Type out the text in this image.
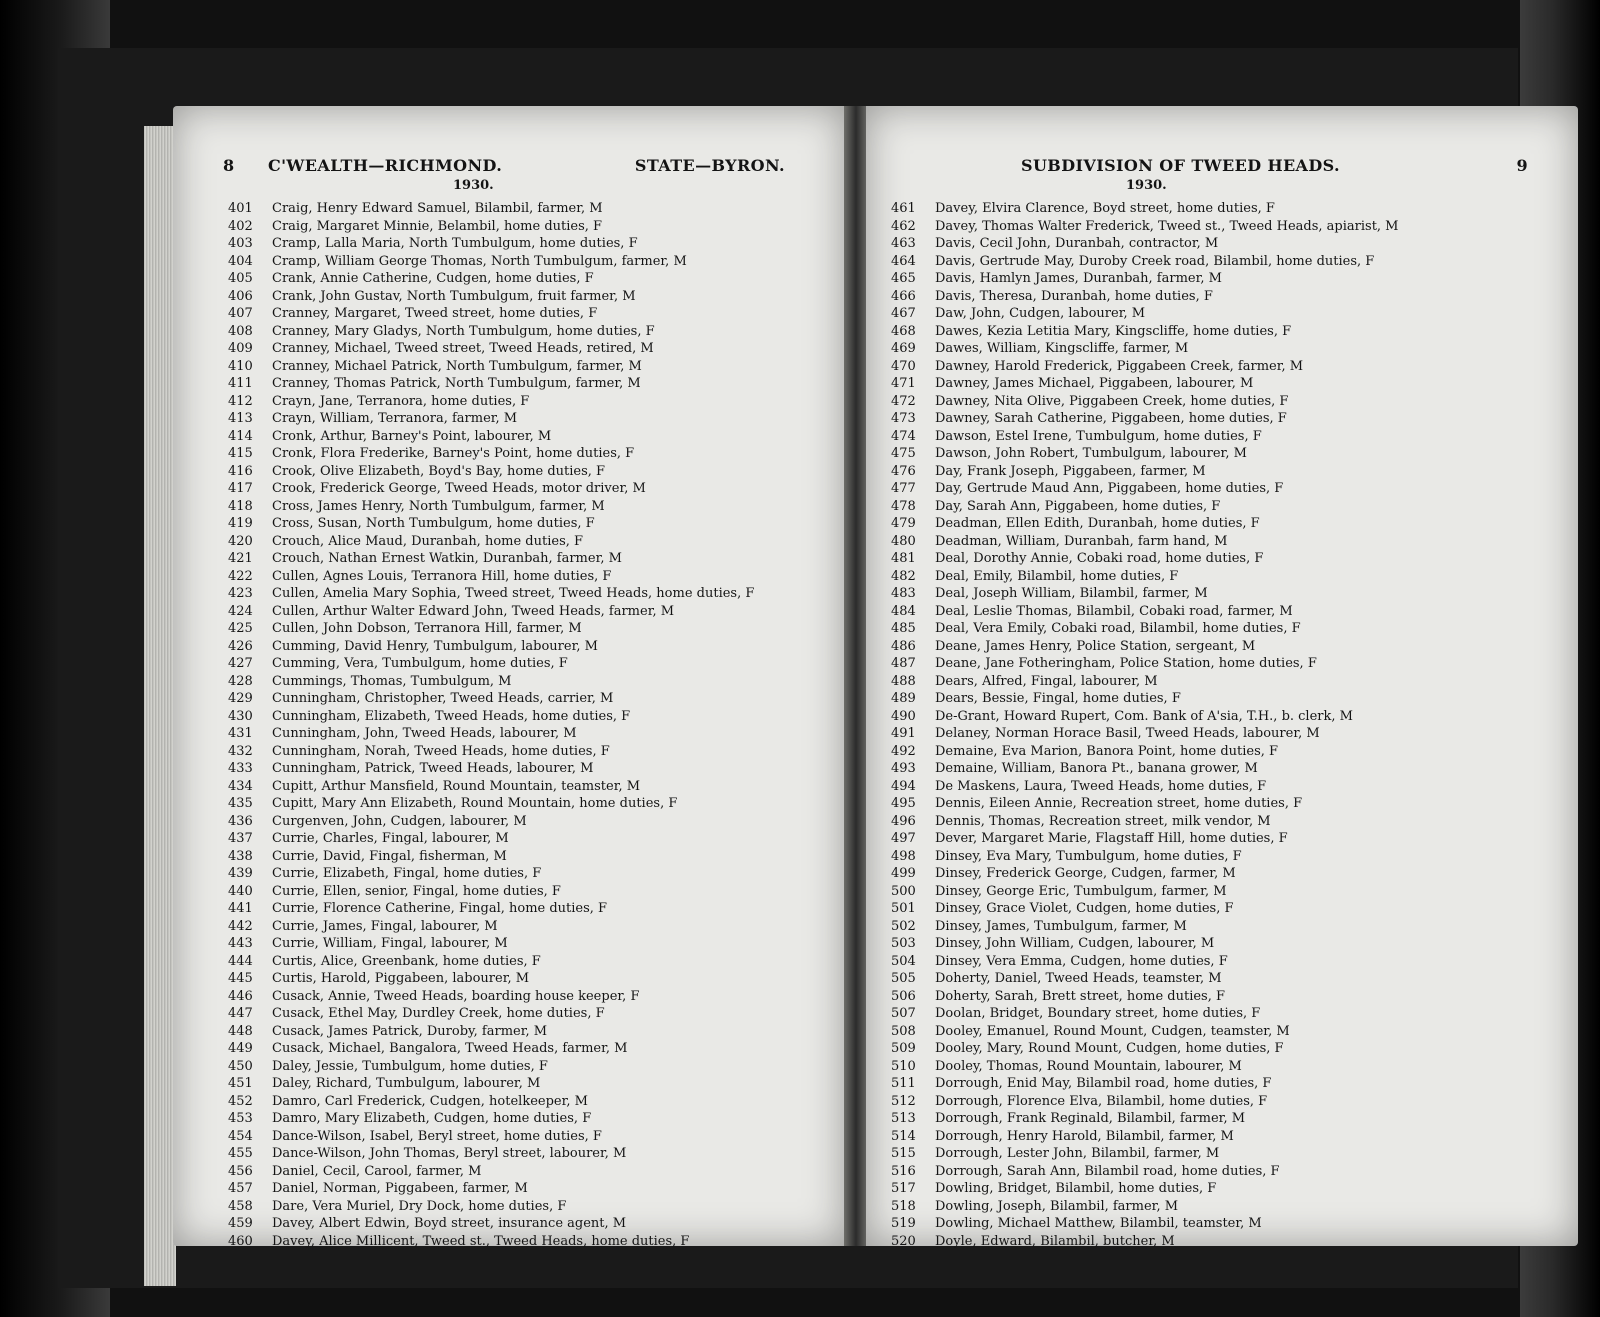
8 C'WEALTH—RICHMOND.	STATE—BYRON.
1930.
401 Craig, Henry Edward Samuel, Bilambil, farmer, M
402 Craig, Margaret Minnie, Belambil, home duties, F
403 Cramp, Lalla Maria, North Tumbulgum, home duties, F
404 Cramp, William George Thomas, North Tumbulgum, farmer, M
405 Crank, Annie Catherine, Cudgen, home duties, F
406 Crank, John Gustav, North Tumbulgum, fruit farmer, M
407 Cranney, Margaret, Tweed street, home duties, F
408 Cranney, Mary Gladys, North Tumbulgum, home duties, F
409 Cranney, Michael, Tweed street, Tweed Heads, retired, M
410 Cranney, Michael Patrick, North Tumbulgum, farmer, M
411 Cranney, Thomas Patrick, North Tumbulgum, farmer, M
412 Crayn, Jane, Terranora, home duties, F
413 Crayn, William, Terranora, farmer, M
414 Cronk, Arthur, Barney's Point, labourer, M
415 Cronk, Flora Frederike, Barney's Point, home duties, F
416 Crook, Olive Elizabeth, Boyd's Bay, home duties, F
417 Crook, Frederick George, Tweed Heads, motor driver, M
418 Cross, James Henry, North Tumbulgum, farmer, M
419 Cross, Susan, North Tumbulgum, home duties, F
420 Crouch, Alice Maud, Duranbah, home duties, F
421 Crouch, Nathan Ernest Watkin, Duranbah, farmer, M
422 Cullen, Agnes Louis, Terranora Hill, home duties, F
423 Cullen, Amelia Mary Sophia, Tweed street, Tweed Heads, home duties, F
424 Cullen, Arthur Walter Edward John, Tweed Heads, farmer, M
425 Cullen, John Dobson, Terranora Hill, farmer, M
426 Cumming, David Henry, Tumbulgum, labourer, M
427 Cumming, Vera, Tumbulgum, home duties, F
428 Cummings, Thomas, Tumbulgum, M
429 Cunningham, Christopher, Tweed Heads, carrier, M
430 Cunningham, Elizabeth, Tweed Heads, home duties, F
431 Cunningham, John, Tweed Heads, labourer, M
432 Cunningham, Norah, Tweed Heads, home duties, F
433 Cunningham, Patrick, Tweed Heads, labourer, M
434 Cupitt, Arthur Mansfield, Round Mountain, teamster, M
435 Cupitt, Mary Ann Elizabeth, Round Mountain, home duties, F
436 Curgenven, John, Cudgen, labourer, M
437 Currie, Charles, Fingal, labourer, M
438 Currie, David, Fingal, fisherman, M
439 Currie, Elizabeth, Fingal, home duties, F
440 Currie, Ellen, senior, Fingal, home duties, F
441 Currie, Florence Catherine, Fingal, home duties, F
442 Currie, James, Fingal, labourer, M
443 Currie, William, Fingal, labourer, M
444 Curtis, Alice, Greenbank, home duties, F
445 Curtis, Harold, Piggabeen, labourer, M
446 Cusack, Annie, Tweed Heads, boarding house keeper, F
447 Cusack, Ethel May, Durdley Creek, home duties, F
448 Cusack, James Patrick, Duroby, farmer, M
449 Cusack, Michael, Bangalora, Tweed Heads, farmer, M
450 Daley, Jessie, Tumbulgum, home duties, F
451 Daley, Richard, Tumbulgum, labourer, M
452 Damro, Carl Frederick, Cudgen, hotelkeeper, M
453 Damro, Mary Elizabeth, Cudgen, home duties, F
454 Dance-Wilson, Isabel, Beryl street, home duties, F
455 Dance-Wilson, John Thomas, Beryl street, labourer, M
456 Daniel, Cecil, Carool, farmer, M
457 Daniel, Norman, Piggabeen, farmer, M
458 Dare, Vera Muriel, Dry Dock, home duties, F
459 Davey, Albert Edwin, Boyd street, insurance agent, M
460 Davey, Alice Millicent, Tweed st., Tweed Heads, home duties, F
SUBDIVISION OF TWEED HEADS.	9
1930.
461 Davey, Elvira Clarence, Boyd street, home duties, F
462 Davey, Thomas Walter Frederick, Tweed st., Tweed Heads, apiarist, M
463 Davis, Cecil John, Duranbah, contractor, M
464 Davis, Gertrude May, Duroby Creek road, Bilambil, home duties, F
465 Davis, Hamlyn James, Duranbah, farmer, M
466 Davis, Theresa, Duranbah, home duties, F
467 Daw, John, Cudgen, labourer, M
468 Dawes, Kezia Letitia Mary, Kingscliffe, home duties, F
469 Dawes, William, Kingscliffe, farmer, M
470 Dawney, Harold Frederick, Piggabeen Creek, farmer, M
471 Dawney, James Michael, Piggabeen, labourer, M
472 Dawney, Nita Olive, Piggabeen Creek, home duties, F
473 Dawney, Sarah Catherine, Piggabeen, home duties, F
474 Dawson, Estel Irene, Tumbulgum, home duties, F
475 Dawson, John Robert, Tumbulgum, labourer, M
476 Day, Frank Joseph, Piggabeen, farmer, M
477 Day, Gertrude Maud Ann, Piggabeen, home duties, F
478 Day, Sarah Ann, Piggabeen, home duties, F
479 Deadman, Ellen Edith, Duranbah, home duties, F
480 Deadman, William, Duranbah, farm hand, M
481 Deal, Dorothy Annie, Cobaki road, home duties, F
482 Deal, Emily, Bilambil, home duties, F
483 Deal, Joseph William, Bilambil, farmer, M
484 Deal, Leslie Thomas, Bilambil, Cobaki road, farmer, M
485 Deal, Vera Emily, Cobaki road, Bilambil, home duties, F
486 Deane, James Henry, Police Station, sergeant, M
487 Deane, Jane Fotheringham, Police Station, home duties, F
488 Dears, Alfred, Fingal, labourer, M
489 Dears, Bessie, Fingal, home duties, F
490 De-Grant, Howard Rupert, Com. Bank of A'sia, T.H., b. clerk, M
491 Delaney, Norman Horace Basil, Tweed Heads, labourer, M
492 Demaine, Eva Marion, Banora Point, home duties, F
493 Demaine, William, Banora Pt., banana grower, M
494 De Maskens, Laura, Tweed Heads, home duties, F
495 Dennis, Eileen Annie, Recreation street, home duties, F
496 Dennis, Thomas, Recreation street, milk vendor, M
497 Dever, Margaret Marie, Flagstaff Hill, home duties, F
498 Dinsey, Eva Mary, Tumbulgum, home duties, F
499 Dinsey, Frederick George, Cudgen, farmer, M
500 Dinsey, George Eric, Tumbulgum, farmer, M
501 Dinsey, Grace Violet, Cudgen, home duties, F
502 Dinsey, James, Tumbulgum, farmer, M
503 Dinsey, John William, Cudgen, labourer, M
504 Dinsey, Vera Emma, Cudgen, home duties, F
505 Doherty, Daniel, Tweed Heads, teamster, M
506 Doherty, Sarah, Brett street, home duties, F
507 Doolan, Bridget, Boundary street, home duties, F
508 Dooley, Emanuel, Round Mount, Cudgen, teamster, M
509 Dooley, Mary, Round Mount, Cudgen, home duties, F
510 Dooley, Thomas, Round Mountain, labourer, M
511 Dorrough, Enid May, Bilambil road, home duties, F
512 Dorrough, Florence Elva, Bilambil, home duties, F
513 Dorrough, Frank Reginald, Bilambil, farmer, M
514 Dorrough, Henry Harold, Bilambil, farmer, M
515 Dorrough, Lester John, Bilambil, farmer, M
516 Dorrough, Sarah Ann, Bilambil road, home duties, F
517 Dowling, Bridget, Bilambil, home duties, F
518 Dowling, Joseph, Bilambil, farmer, M
519 Dowling, Michael Matthew, Bilambil, teamster, M
520 Doyle, Edward, Bilambil, butcher, M
